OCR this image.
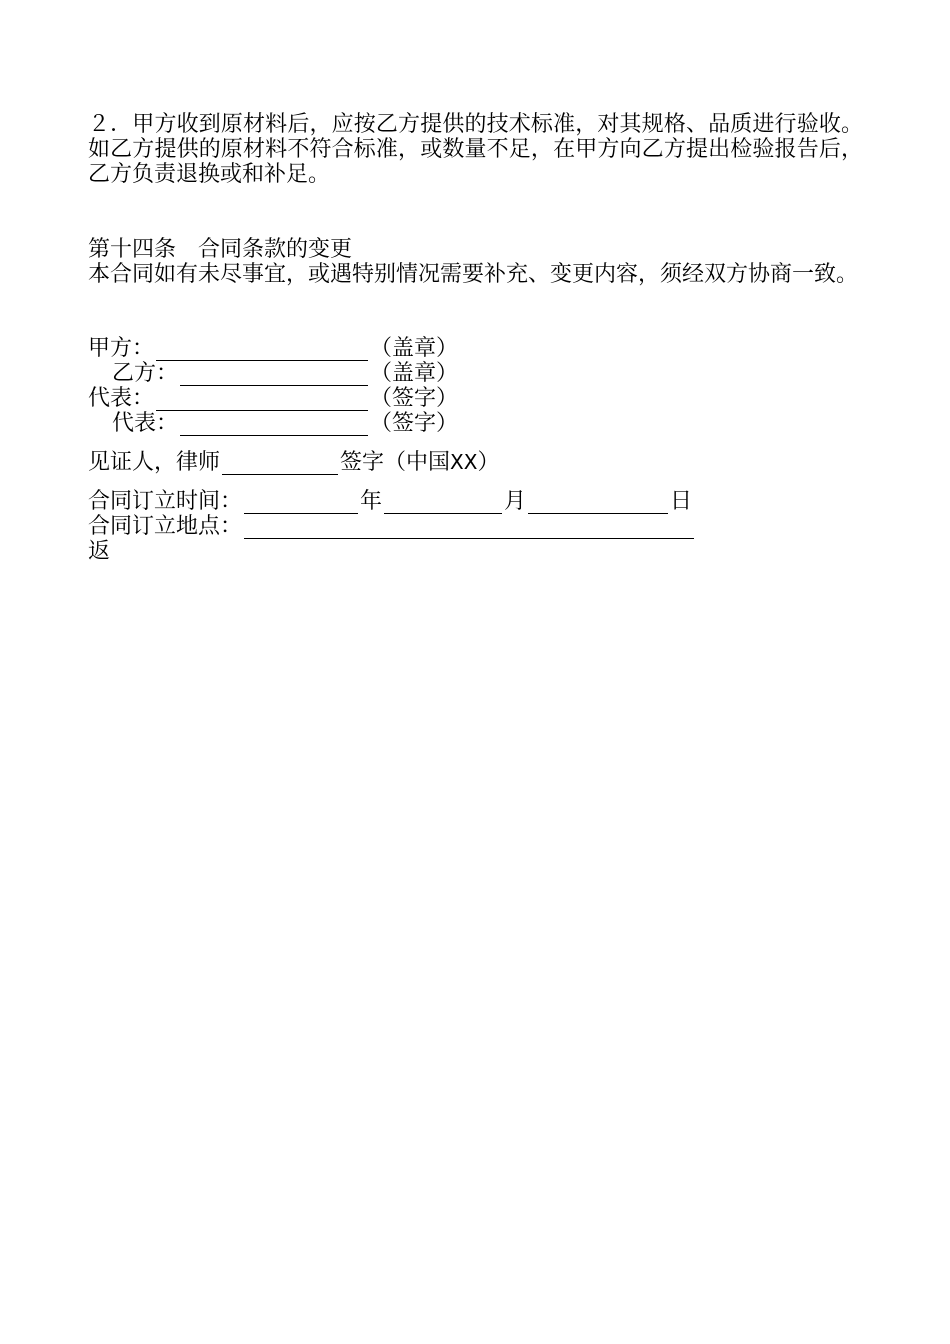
２．甲方收到原材料后，应按乙方提供的技术标准，对其规格、品质进行验收。如乙方提供的原材料不符合标准，或数量不足，在甲方向乙方提出检验报告后，乙方负责退换或和补足。

第十四条　合同条款的变更

本合同如有未尽事宜，或遇特别情况需要补充、变更内容，须经双方协商一致。

甲方：	（盖章）
乙方：	（盖章）
代表：	（签字）
代表：	（签字）
见证人，律师	签字（中国 XX ）
合同订立时间：	年	月	日
合同订立地点：
返
